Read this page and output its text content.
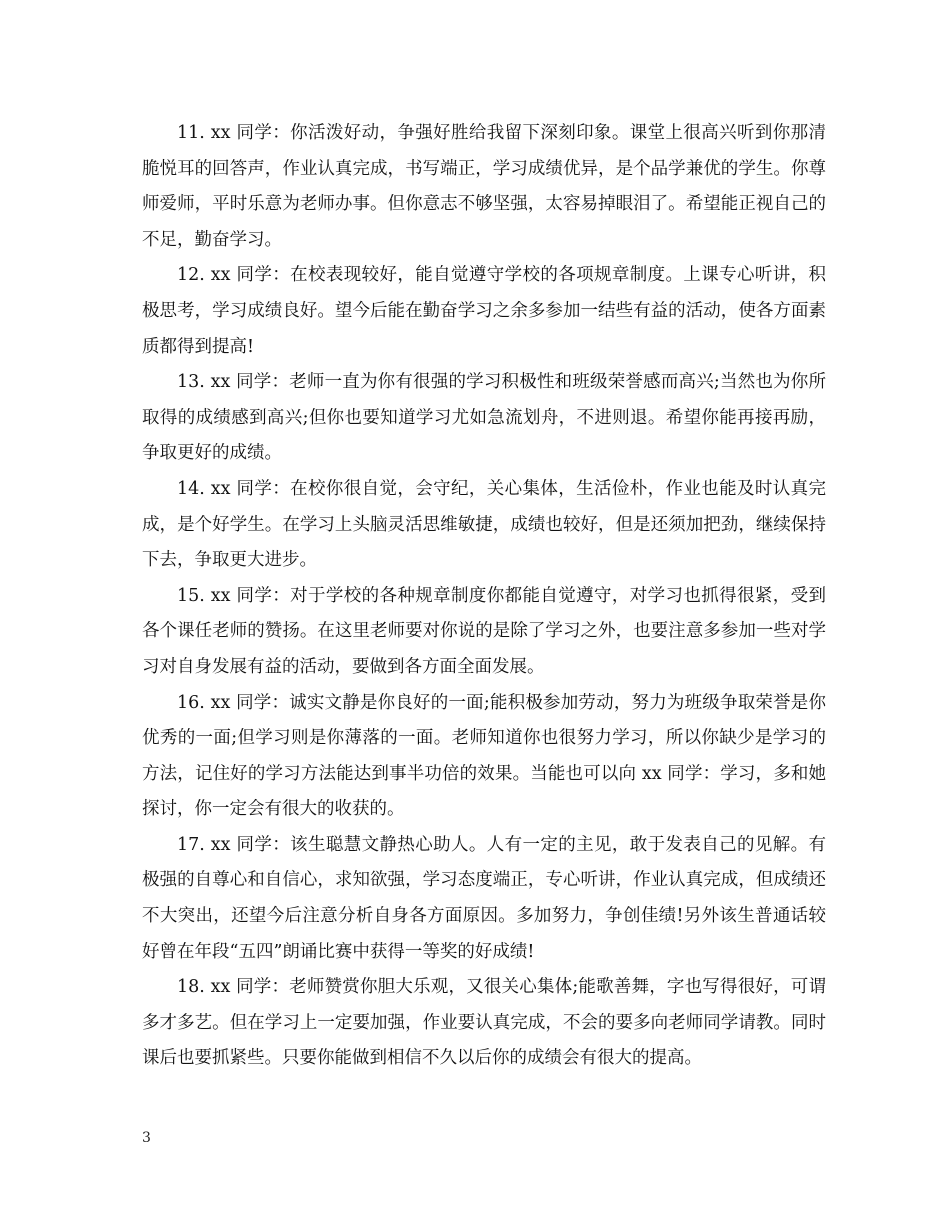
11. xx 同学：你活泼好动，争强好胜给我留下深刻印象。课堂上很高兴听到你那清脆悦耳的回答声，作业认真完成，书写端正，学习成绩优异，是个品学兼优的学生。你尊师爱师，平时乐意为老师办事。但你意志不够坚强，太容易掉眼泪了。希望能正视自己的不足，勤奋学习。

12. xx 同学：在校表现较好，能自觉遵守学校的各项规章制度。上课专心听讲，积极思考，学习成绩良好。望今后能在勤奋学习之余多参加一结些有益的活动，使各方面素质都得到提高!

13. xx 同学：老师一直为你有很强的学习积极性和班级荣誉感而高兴;当然也为你所取得的成绩感到高兴;但你也要知道学习尤如急流划舟，不进则退。希望你能再接再励，争取更好的成绩。

14. xx 同学：在校你很自觉，会守纪，关心集体，生活俭朴，作业也能及时认真完成，是个好学生。在学习上头脑灵活思维敏捷，成绩也较好，但是还须加把劲，继续保持下去，争取更大进步。

15. xx 同学：对于学校的各种规章制度你都能自觉遵守，对学习也抓得很紧，受到各个课任老师的赞扬。在这里老师要对你说的是除了学习之外，也要注意多参加一些对学习对自身发展有益的活动，要做到各方面全面发展。

16. xx 同学：诚实文静是你良好的一面;能积极参加劳动，努力为班级争取荣誉是你优秀的一面;但学习则是你薄落的一面。老师知道你也很努力学习，所以你缺少是学习的方法，记住好的学习方法能达到事半功倍的效果。当能也可以向 xx 同学：学习，多和她探讨，你一定会有很大的收获的。

17. xx 同学：该生聪慧文静热心助人。人有一定的主见，敢于发表自己的见解。有极强的自尊心和自信心，求知欲强，学习态度端正，专心听讲，作业认真完成，但成绩还不大突出，还望今后注意分析自身各方面原因。多加努力，争创佳绩!另外该生普通话较好曾在年段“五四”朗诵比赛中获得一等奖的好成绩!

18. xx 同学：老师赞赏你胆大乐观，又很关心集体;能歌善舞，字也写得很好，可谓多才多艺。但在学习上一定要加强，作业要认真完成，不会的要多向老师同学请教。同时课后也要抓紧些。只要你能做到相信不久以后你的成绩会有很大的提高。

3
